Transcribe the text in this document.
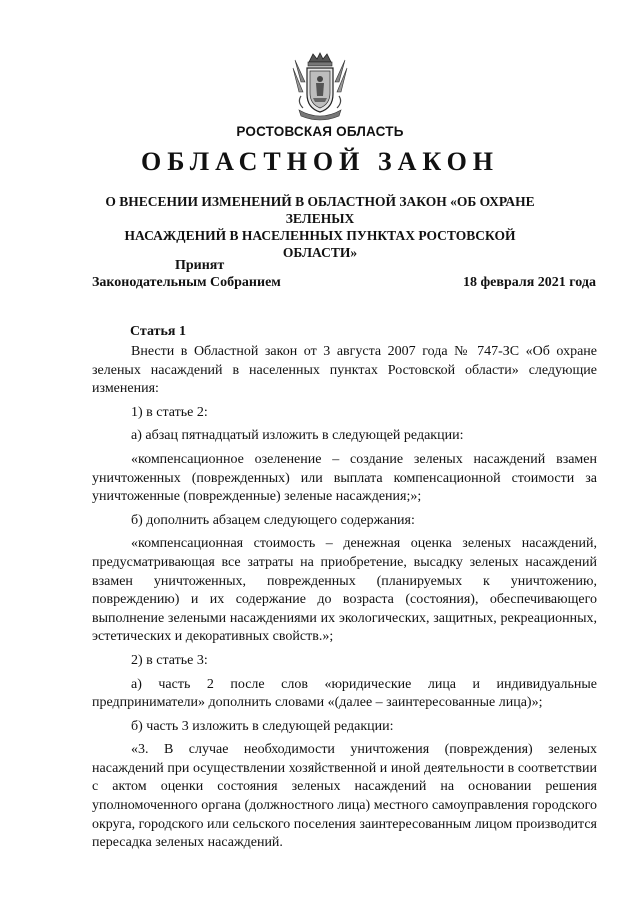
РОСТОВСКАЯ ОБЛАСТЬ
ОБЛАСТНОЙ ЗАКОН
О ВНЕСЕНИИ ИЗМЕНЕНИЙ В ОБЛАСТНОЙ ЗАКОН «ОБ ОХРАНЕ ЗЕЛЕНЫХ
НАСАЖДЕНИЙ В НАСЕЛЕННЫХ ПУНКТАХ РОСТОВСКОЙ ОБЛАСТИ»
Принят
Законодательным Собранием	18 февраля 2021 года
Статья 1

Внести в Областной закон от 3 августа 2007 года № 747-ЗС «Об охране зеленых насаждений в населенных пунктах Ростовской области» следующие изменения:

1) в статье 2:

а) абзац пятнадцатый изложить в следующей редакции:

«компенсационное озеленение – создание зеленых насаждений взамен уничтоженных (поврежденных) или выплата компенсационной стоимости за уничтоженные (поврежденные) зеленые насаждения;»;

б) дополнить абзацем следующего содержания:

«компенсационная стоимость – денежная оценка зеленых насаждений, предусматривающая все затраты на приобретение, высадку зеленых насаждений взамен уничтоженных, поврежденных (планируемых к уничтожению, повреждению) и их содержание до возраста (состояния), обеспечивающего выполнение зелеными насаждениями их экологических, защитных, рекреационных, эстетических и декоративных свойств.»;

2) в статье 3:

а) часть 2 после слов «юридические лица и индивидуальные предприниматели» дополнить словами «(далее – заинтересованные лица)»;

б) часть 3 изложить в следующей редакции:

«3. В случае необходимости уничтожения (повреждения) зеленых насаждений при осуществлении хозяйственной и иной деятельности в соответствии с актом оценки состояния зеленых насаждений на основании решения уполномоченного органа (должностного лица) местного самоуправления городского округа, городского или сельского поселения заинтересованным лицом производится пересадка зеленых насаждений.
